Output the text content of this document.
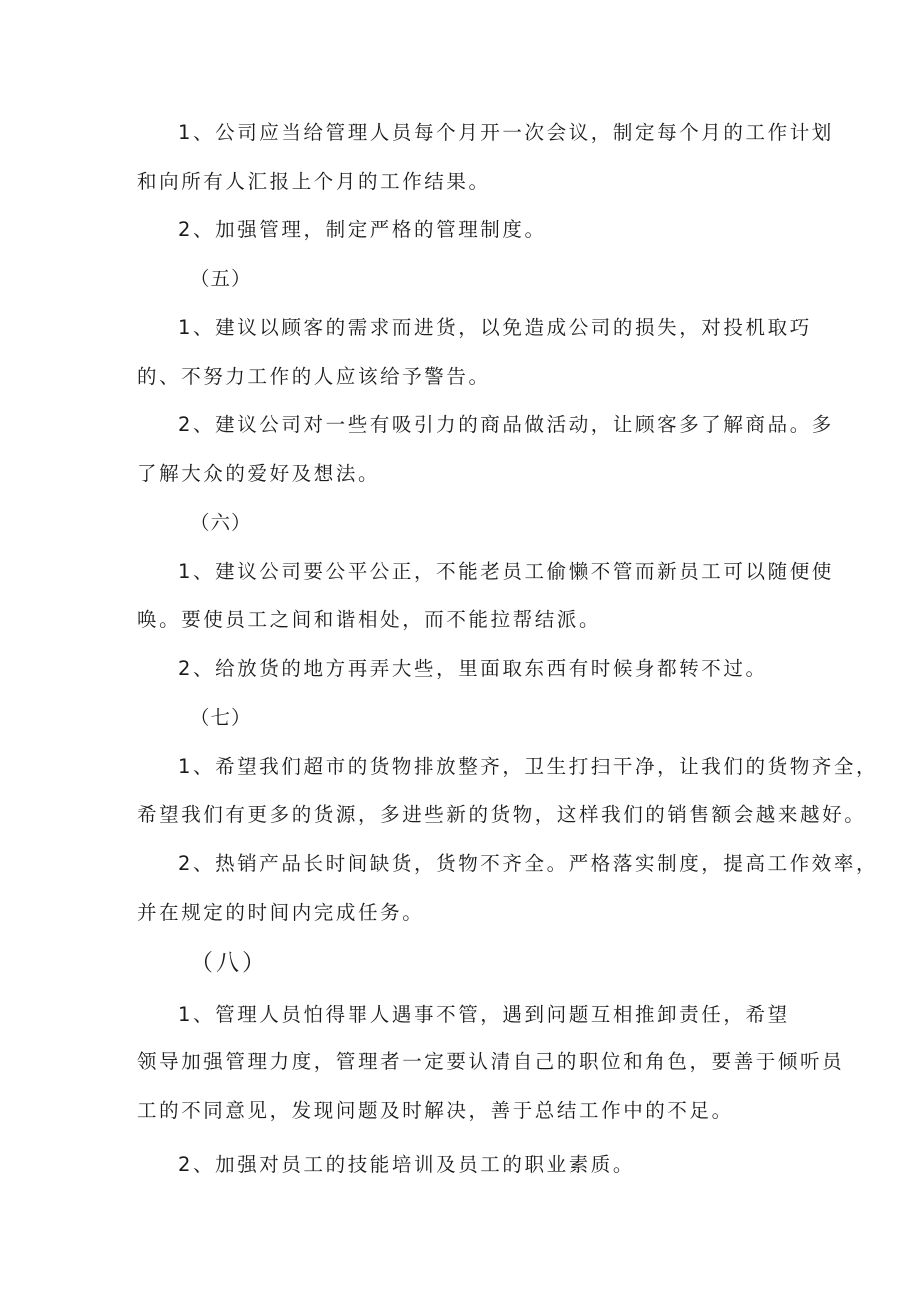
1、公司应当给管理人员每个月开一次会议，制定每个月的工作计划
和向所有人汇报上个月的工作结果。
2、加强管理，制定严格的管理制度。
（五）
1、建议以顾客的需求而进货，以免造成公司的损失，对投机取巧
的、不努力工作的人应该给予警告。
2、建议公司对一些有吸引力的商品做活动，让顾客多了解商品。多
了解大众的爱好及想法。
（六）
1、建议公司要公平公正，不能老员工偷懒不管而新员工可以随便使
唤。要使员工之间和谐相处，而不能拉帮结派。
2、给放货的地方再弄大些，里面取东西有时候身都转不过。
（七）
1、希望我们超市的货物排放整齐，卫生打扫干净，让我们的货物齐全，
希望我们有更多的货源，多进些新的货物，这样我们的销售额会越来越好。
2、热销产品长时间缺货，货物不齐全。严格落实制度，提高工作效率，
并在规定的时间内完成任务。
（八）
1、管理人员怕得罪人遇事不管，遇到问题互相推卸责任，希望
领导加强管理力度，管理者一定要认清自己的职位和角色，要善于倾听员
工的不同意见，发现问题及时解决，善于总结工作中的不足。
2、加强对员工的技能培训及员工的职业素质。
